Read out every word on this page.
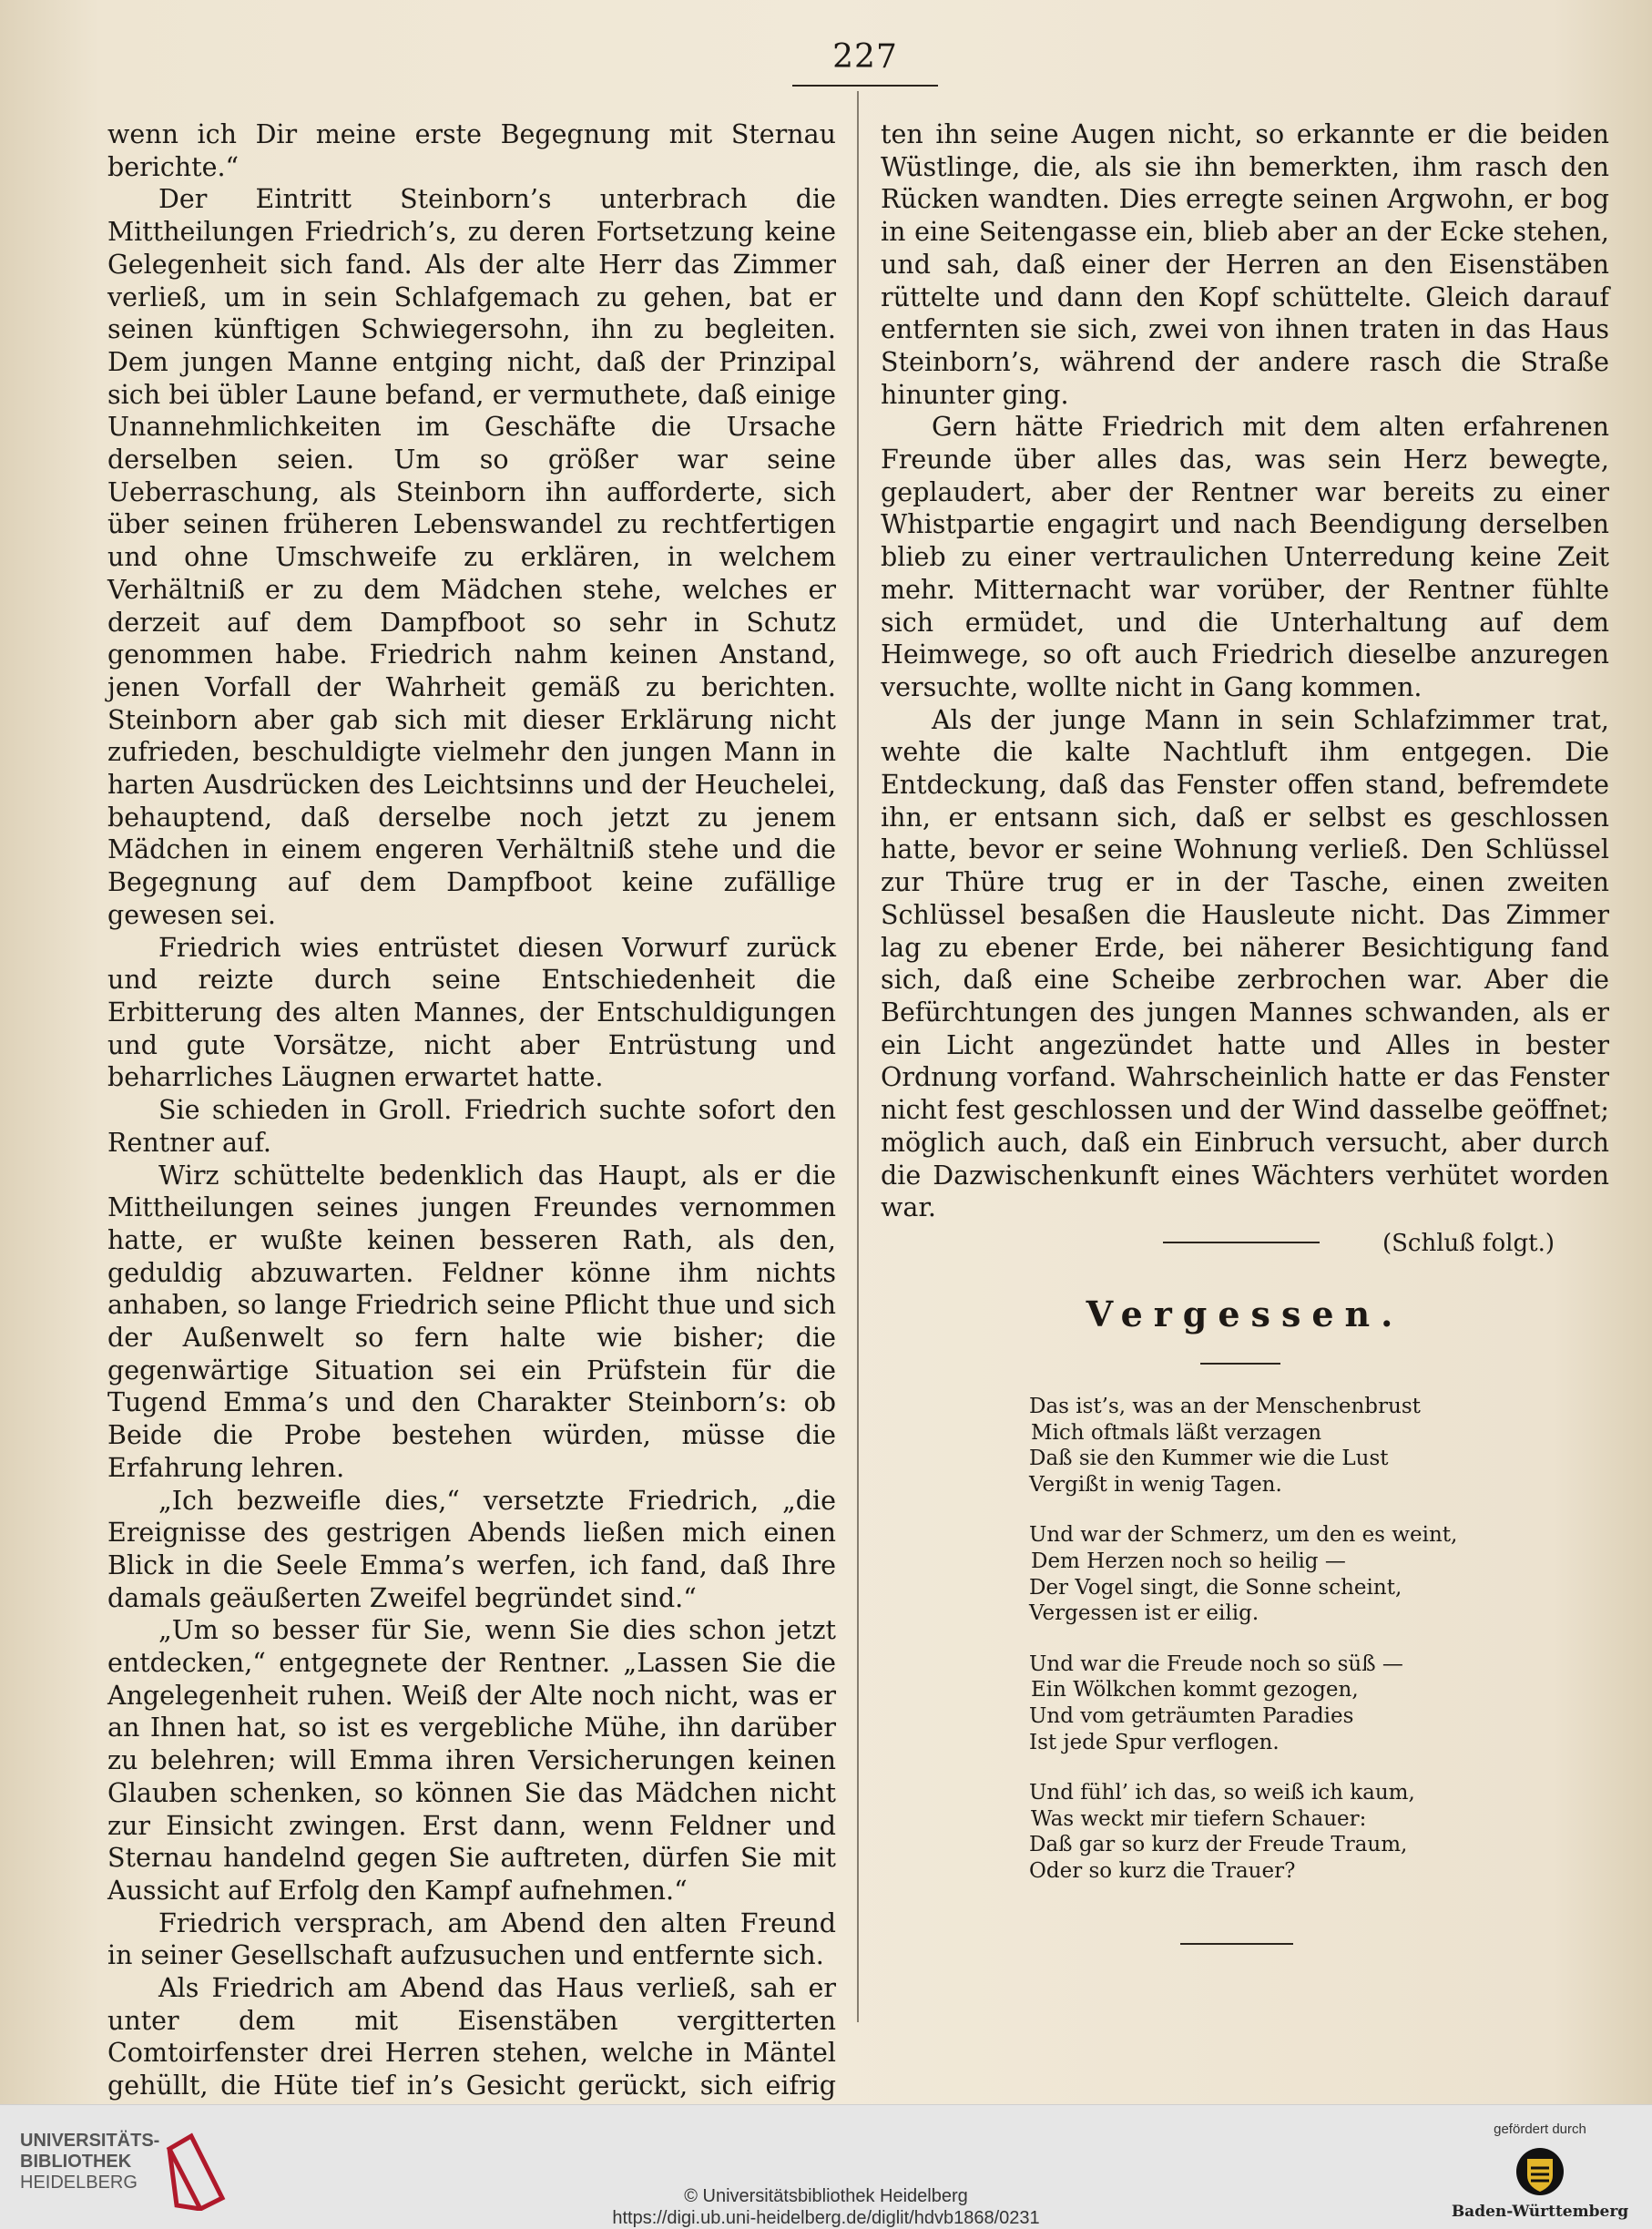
227

wenn ich Dir meine erste Begegnung mit Sternau berichte.“

Der Eintritt Steinborn’s unterbrach die Mittheilungen Friedrich’s, zu deren Fortsetzung keine Gelegenheit sich fand. Als der alte Herr das Zimmer verließ, um in sein Schlafgemach zu gehen, bat er seinen künftigen Schwiegersohn, ihn zu begleiten. Dem jungen Manne entging nicht, daß der Prinzipal sich bei übler Laune befand, er vermuthete, daß einige Unannehmlichkeiten im Geschäfte die Ursache derselben seien. Um so größer war seine Ueberraschung, als Steinborn ihn aufforderte, sich über seinen früheren Lebenswandel zu rechtfertigen und ohne Umschweife zu erklären, in welchem Verhältniß er zu dem Mädchen stehe, welches er derzeit auf dem Dampfboot so sehr in Schutz genommen habe. Friedrich nahm keinen Anstand, jenen Vorfall der Wahrheit gemäß zu berichten. Steinborn aber gab sich mit dieser Erklärung nicht zufrieden, beschuldigte vielmehr den jungen Mann in harten Ausdrücken des Leichtsinns und der Heuchelei, behauptend, daß derselbe noch jetzt zu jenem Mädchen in einem engeren Verhältniß stehe und die Begegnung auf dem Dampfboot keine zufällige gewesen sei.

Friedrich wies entrüstet diesen Vorwurf zurück und reizte durch seine Entschiedenheit die Erbitterung des alten Mannes, der Entschuldigungen und gute Vorsätze, nicht aber Entrüstung und beharrliches Läugnen erwartet hatte.

Sie schieden in Groll. Friedrich suchte sofort den Rentner auf.

Wirz schüttelte bedenklich das Haupt, als er die Mittheilungen seines jungen Freundes vernommen hatte, er wußte keinen besseren Rath, als den, geduldig abzuwarten. Feldner könne ihm nichts anhaben, so lange Friedrich seine Pflicht thue und sich der Außenwelt so fern halte wie bisher; die gegenwärtige Situation sei ein Prüfstein für die Tugend Emma’s und den Charakter Steinborn’s: ob Beide die Probe bestehen würden, müsse die Erfahrung lehren.

„Ich bezweifle dies,“ versetzte Friedrich, „die Ereignisse des gestrigen Abends ließen mich einen Blick in die Seele Emma’s werfen, ich fand, daß Ihre damals geäußerten Zweifel begründet sind.“

„Um so besser für Sie, wenn Sie dies schon jetzt entdecken,“ entgegnete der Rentner. „Lassen Sie die Angelegenheit ruhen. Weiß der Alte noch nicht, was er an Ihnen hat, so ist es vergebliche Mühe, ihn darüber zu belehren; will Emma ihren Versicherungen keinen Glauben schenken, so können Sie das Mädchen nicht zur Einsicht zwingen. Erst dann, wenn Feldner und Sternau handelnd gegen Sie auftreten, dürfen Sie mit Aussicht auf Erfolg den Kampf aufnehmen.“

Friedrich versprach, am Abend den alten Freund in seiner Gesellschaft aufzusuchen und entfernte sich.

Als Friedrich am Abend das Haus verließ, sah er unter dem mit Eisenstäben vergitterten Comtoirfenster drei Herren stehen, welche in Mäntel gehüllt, die Hüte tief in’s Gesicht gerückt, sich eifrig

ten ihn seine Augen nicht, so erkannte er die beiden Wüstlinge, die, als sie ihn bemerkten, ihm rasch den Rücken wandten. Dies erregte seinen Argwohn, er bog in eine Seitengasse ein, blieb aber an der Ecke stehen, und sah, daß einer der Herren an den Eisenstäben rüttelte und dann den Kopf schüttelte. Gleich darauf entfernten sie sich, zwei von ihnen traten in das Haus Steinborn’s, während der andere rasch die Straße hinunter ging.

Gern hätte Friedrich mit dem alten erfahrenen Freunde über alles das, was sein Herz bewegte, geplaudert, aber der Rentner war bereits zu einer Whistpartie engagirt und nach Beendigung derselben blieb zu einer vertraulichen Unterredung keine Zeit mehr. Mitternacht war vorüber, der Rentner fühlte sich ermüdet, und die Unterhaltung auf dem Heimwege, so oft auch Friedrich dieselbe anzuregen versuchte, wollte nicht in Gang kommen.

Als der junge Mann in sein Schlafzimmer trat, wehte die kalte Nachtluft ihm entgegen. Die Entdeckung, daß das Fenster offen stand, befremdete ihn, er entsann sich, daß er selbst es geschlossen hatte, bevor er seine Wohnung verließ. Den Schlüssel zur Thüre trug er in der Tasche, einen zweiten Schlüssel besaßen die Hausleute nicht. Das Zimmer lag zu ebener Erde, bei näherer Besichtigung fand sich, daß eine Scheibe zerbrochen war. Aber die Befürchtungen des jungen Mannes schwanden, als er ein Licht angezündet hatte und Alles in bester Ordnung vorfand. Wahrscheinlich hatte er das Fenster nicht fest geschlossen und der Wind dasselbe geöffnet; möglich auch, daß ein Einbruch versucht, aber durch die Dazwischenkunft eines Wächters verhütet worden war.

(Schluß folgt.)
Vergessen.
Das ist’s, was an der Menschenbrust
Mich oftmals läßt verzagen
Daß sie den Kummer wie die Lust
Vergißt in wenig Tagen.
Und war der Schmerz, um den es weint,
Dem Herzen noch so heilig —
Der Vogel singt, die Sonne scheint,
Vergessen ist er eilig.
Und war die Freude noch so süß —
Ein Wölkchen kommt gezogen,
Und vom geträumten Paradies
Ist jede Spur verflogen.
Und fühl’ ich das, so weiß ich kaum,
Was weckt mir tiefern Schauer:
Daß gar so kurz der Freude Traum,
Oder so kurz die Trauer?
UNIVERSITÄTS-
BIBLIOTHEK
HEIDELBERG
© Universitätsbibliothek Heidelberg
https://digi.ub.uni-heidelberg.de/diglit/hdvb1868/0231
gefördert durch
Baden-Württemberg
